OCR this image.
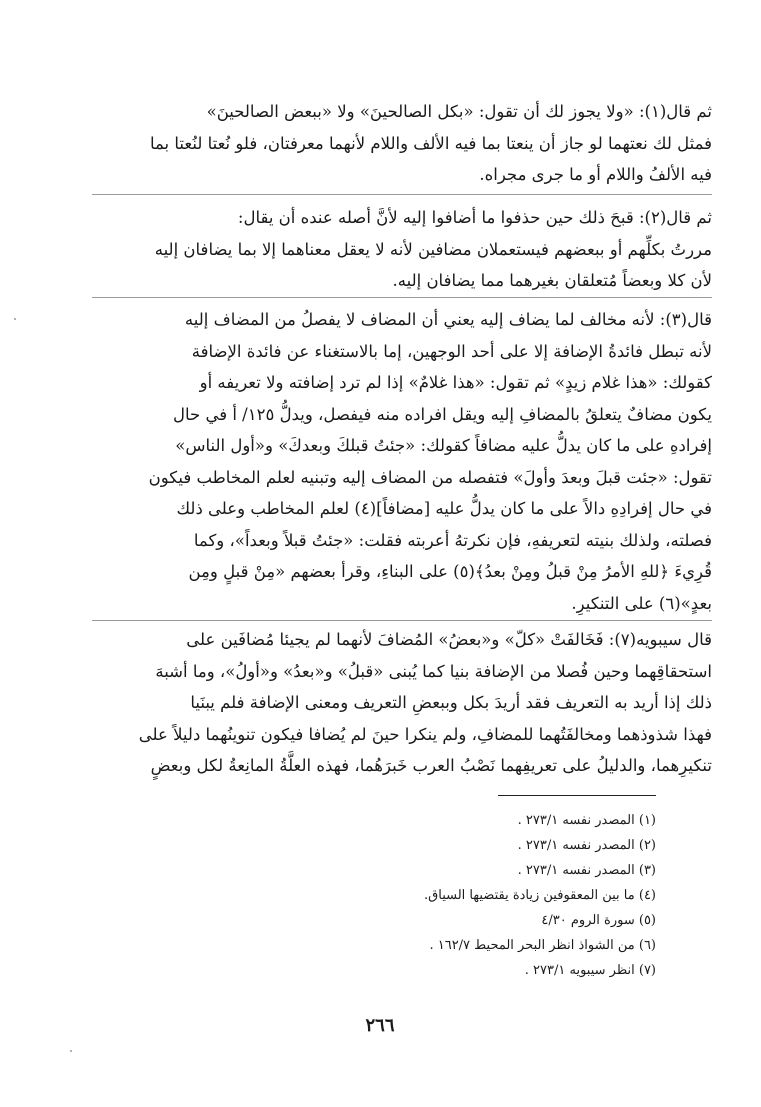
ثم قال(١): «ولا يجوز لك أن تقول: «بكل الصالحينَ» ولا «ببعض الصالحينَ»
فمثل لك نعتهما لو جاز أن ينعتا بما فيه الألف واللام لأنهما معرفتان، فلو نُعتا لنُعتا بما
فيه الألفُ واللام أو ما جرى مجراه.
ثم قال(٢): قبحَ ذلك حين حذفوا ما أضافوا إليه لأنَّ أصله عنده أن يقال:
مررتُ بكلِّهم أو ببعضهم فيستعملان مضافين لأنه لا يعقل معناهما إلا بما يضافان إليه
لأن كلا وبعضاً مُتعلقان بغيرهما مما يضافان إليه.
قال(٣): لأنه مخالف لما يضاف إليه يعني أن المضاف لا يفصلُ من المضاف إليه
لأنه تبطل فائدةُ الإضافة إلا على أحد الوجهين، إما بالاستغناء عن فائدة الإضافة
كقولك: «هذا غلام زيدٍ» ثم تقول: «هذا غلامٌ» إذا لم ترد إضافته ولا تعريفه أو
يكون مضافٌ يتعلقُ بالمضافِ إليه ويقل افراده منه فيفصل، ويدلُّ ١٢٥/ أ في حال
إفرادهِ على ما كان يدلُّ عليه مضافاً كقولك: «جئتُ قبلكَ وبعدكَ» و«أول الناس»
تقول: «جئت قبلَ وبعدَ وأولَ» فتفصله من المضاف إليه وتبنيه لعلم المخاطب فيكون
في حال إفرادِهِ دالاً على ما كان يدلُّ عليه [مضافاً](٤) لعلم المخاطب وعلى ذلك
فصلته، ولذلك بنيته لتعريفهِ، فإن نكرتهُ أعربته فقلت: «جئتُ قبلاً وبعداً»، وكما
قُرِيءَ ﴿للهِ الأمرُ مِنْ قبلُ ومِنْ بعدُ﴾(٥) على البناءِ، وقرأ بعضهم «مِنْ قبلٍ ومِن
بعدٍ»(٦) على التنكيرِ.
قال سيبويه(٧): فَخَالفَتْ «كلّ» و«بعضُ» المُضافَ لأنهما لم يجيئا مُضافَين على
استحقاقِهما وحين فُصلا من الإضافة بنيا كما يُبنى «قبلُ» و«بعدُ» و«أولُ»، وما أشبهَ
ذلك إذا أريد به التعريف فقد أريدَ بكل وببعضِ التعريف ومعنى الإضافة فلم يبنَيا
فهذا شذوذهما ومخالفَتُهما للمضافِ، ولم ينكرا حينَ لم يُضافا فيكون تنوينُهما دليلاً على
تنكيرِهما، والدليلُ على تعريفِهما نَصْبُ العرب خَبرَهُما، فهذه العلَّةُ المانِعةُ لكل وبعضٍ
(١) المصدر نفسه ٢٧٣/١ .
(٢) المصدر نفسه ٢٧٣/١ .
(٣) المصدر نفسه ٢٧٣/١ .
(٤) ما بين المعقوفين زيادة يقتضيها السياق.
(٥) سورة الروم ٤/٣٠
(٦) من الشواذ انظر البحر المحيط ١٦٢/٧ .
(٧) انظر سيبويه ٢٧٣/١ .
٢٦٦
